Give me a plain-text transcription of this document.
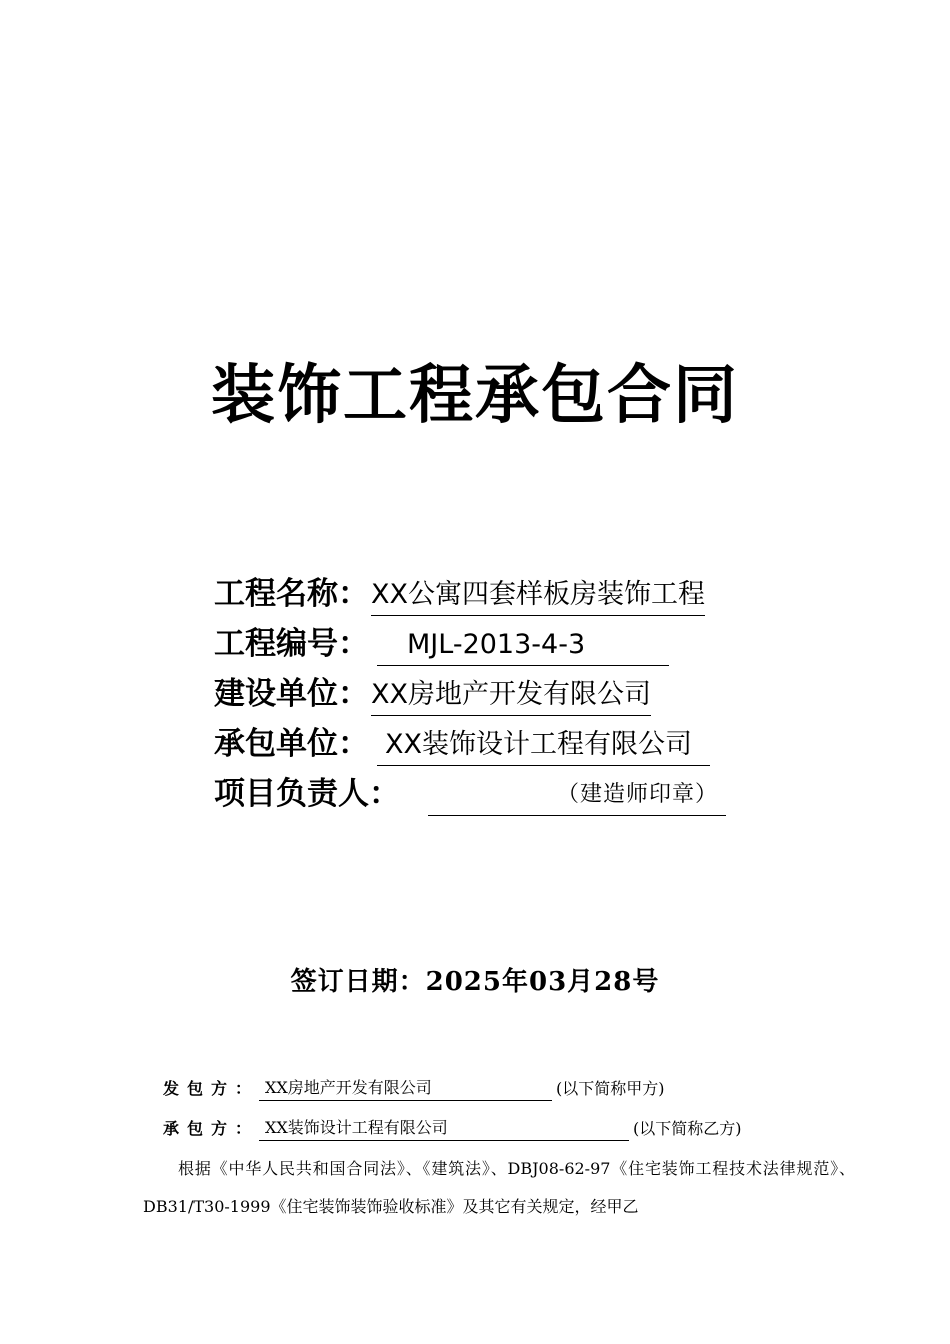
装饰工程承包合同
工程名称： XX公寓四套样板房装饰工程
工程编号：	MJL-2013-4-3
建设单位： XX房地产开发有限公司
承包单位： XX装饰设计工程有限公司
项目负责人：	（建造师印章）
签订日期：2025年03月28号
发包方： XX房地产开发有限公司	(以下简称甲方)
承包方： XX装饰设计工程有限公司	(以下简称乙方)
根据《中华人民共和国合同法》、《建筑法》、DBJ08-62-97《住宅装饰工程技术法律规范》、DB31/T30-1999《住宅装饰装饰验收标准》及其它有关规定，经甲乙
